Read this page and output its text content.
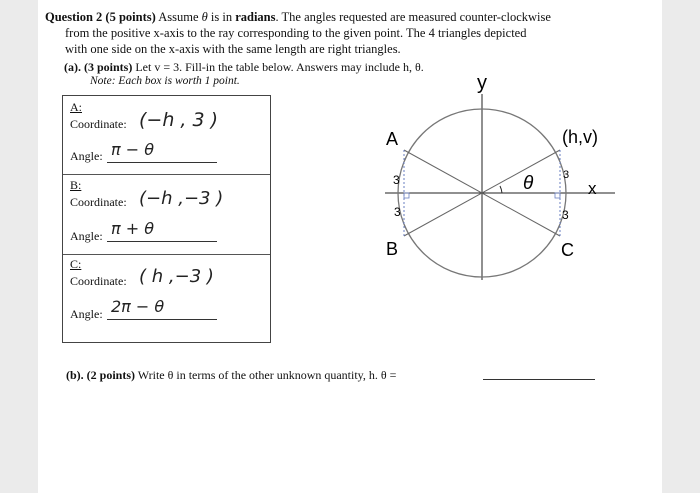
Question 2 (5 points) Assume θ is in radians. The angles requested are measured counter-clockwise
from the positive x-axis to the ray corresponding to the given point. The 4 triangles depicted
with one side on the x-axis with the same length are right triangles.
(a). (3 points) Let v = 3. Fill-in the table below. Answers may include h, θ.
Note: Each box is worth 1 point.
A:
Coordinate: (−h , 3 )
Angle: π − θ
B:
Coordinate: (−h ,−3 )
Angle: π + θ
C:
Coordinate: ( h ,−3 )
Angle: 2π − θ
y
x
A
B	C
(h,v)
θ
3
3	3
3
(b). (2 points) Write θ in terms of the other unknown quantity, h. θ =
